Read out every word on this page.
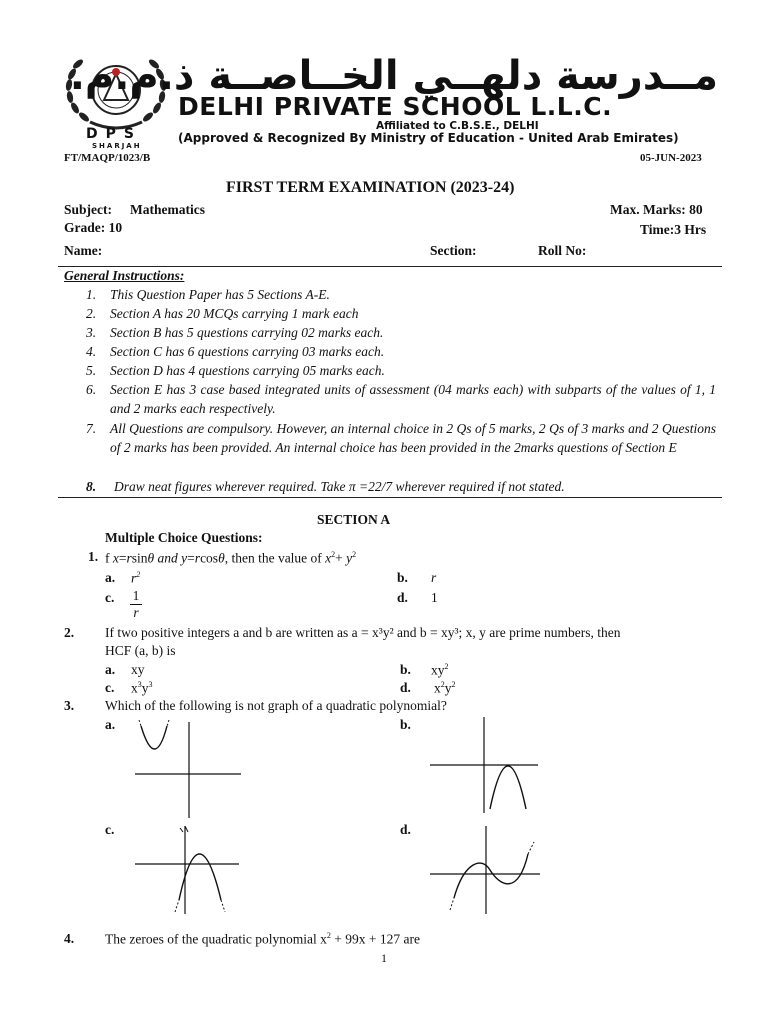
DPS
SHARJAH
مــدرسة دلهــي الخــاصــة ذ.م.م.
DELHI PRIVATE SCHOOL L.L.C.
Affiliated to C.B.S.E., DELHI
(Approved & Recognized By Ministry of Education - United Arab Emirates)
FT/MAQP/1023/B	05-JUN-2023
FIRST TERM EXAMINATION (2023-24)
Subject: Mathematics	Max. Marks: 80
Grade: 10	Time:3 Hrs
Name:	Section:	Roll No:
General Instructions:
1.	This Question Paper has 5 Sections A-E.
2.	Section A has 20 MCQs carrying 1 mark each
3.	Section B has 5 questions carrying 02 marks each.
4.	Section C has 6 questions carrying 03 marks each.
5.	Section D has 4 questions carrying 05 marks each.
6.	Section E has 3 case based integrated units of assessment (04 marks each) with subparts of the values of 1, 1 and 2 marks each respectively.
7.	All Questions are compulsory. However, an internal choice in 2 Qs of 5 marks, 2 Qs of 3 marks and 2 Questions of 2 marks has been provided. An internal choice has been provided in the 2marks questions of Section E
8.	Draw neat figures wherever required. Take π =22/7 wherever required if not stated.
SECTION A
Multiple Choice Questions:
1. f x=rsinθ and y=rcosθ, then the value of $x^2+ y^2$
a. $r^2$	b. r
c. 1
r
d. 1
2. If two positive integers a and b are written as a = x³y² and b = xy³; x, y are prime numbers, then
HCF (a, b) is
a. xy	b. $xy^2$
c. $x^3y^3$	d. $x^2y^2$
3. Which of the following is not graph of a quadratic polynomial?
a.	b.
c.	d.
4. The zeroes of the quadratic polynomial $x^2 + 99x + 127$ are
1
